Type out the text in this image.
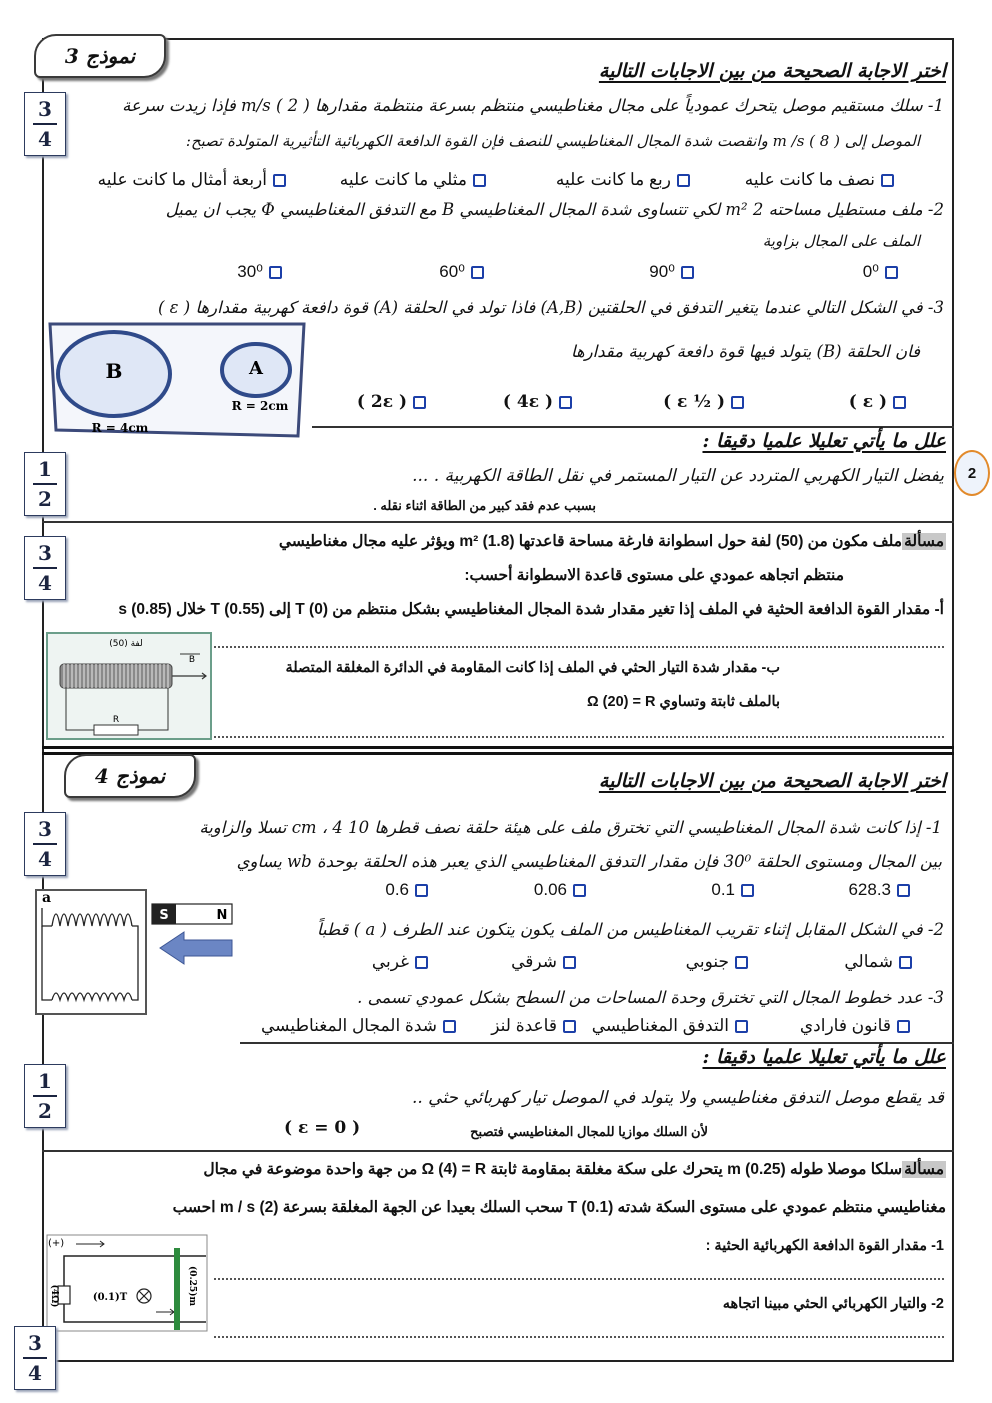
2
نموذج 3
اختر الاجابة الصحيحة من بين الاجابات التالية
3
4
1- سلك مستقيم موصل يتحرك عمودياً على مجال مغناطيسي منتظم بسرعة منتظمة مقدارها m/s ( 2 ) فإذا زيدت سرعة
الموصل إلى m /s ( 8 ) وانقصت شدة المجال المغناطيسي للنصف فإن القوة الدافعة الكهربائية التأثيرية المتولدة تصبح:
نصف ما كانت عليه
ربع ما كانت عليه
مثلي ما كانت عليه
أربعة أمثال ما كانت عليه
2- ملف مستطيل مساحته 2 m² لكي تتساوى شدة المجال المغناطيسي B مع التدفق المغناطيسي Φ يجب ان يميل
الملف على المجال بزاوية
0⁰
90⁰
60⁰
30⁰
3- في الشكل التالي عندما يتغير التدفق في الحلقتين (A,B) فاذا تولد في الحلقة (A) قوة دافعة كهربية مقدارها ( ε )
فان الحلقة (B) يتولد فيها قوة دافعة كهربية مقدارها
B	A
R = 4cm
R = 2cm	( ε )
( ½ ε )
( 4ε )
( 2ε )
علل ما يأتي تعليلا علميا دقيقا :
1
2
يفضل التيار الكهربي المتردد عن التيار المستمر في نقل الطاقة الكهربية . ...
بسبب عدم فقد كبير من الطاقة اثناء نقله .
3
4
مسألةملف مكون من (50) لفة حول اسطوانة فارغة مساحة قاعدتها m² (1.8) ويؤثر عليه مجال مغناطيسي
منتظم اتجاهه عمودي على مستوى قاعدة الاسطوانة أحسب:
أ- مقدار القوة الدافعة الحثية في الملف إذا تغير مقدار شدة المجال المغناطيسي بشكل منتظم من T (0) إلى T (0.55) خلال s (0.85)
(50) لفة
B
R
ب- مقدار شدة التيار الحثي في الملف إذا كانت المقاومة في الدائرة المغلقة المتصلة
بالملف ثابتة وتساوي Ω (20) = R
نموذج 4	اختر الاجابة الصحيحة من بين الاجابات التالية
3
4
1- إذا كانت شدة المجال المغناطيسي التي تخترق ملف على هيئة حلقة نصف قطرها 10 cm ، 4 تسلا والزاوية
بين المجال ومستوى الحلقة 30⁰ فإن مقدار التدفق المغناطيسي الذي يعبر هذه الحلقة بوحدة wb يساوي
628.3
0.1
0.06
0.6
a
S	N
2- في الشكل المقابل إثناء تقريب المغناطيس من الملف يكون يتكون عند الطرف ( a ) قطباً
شمالي
جنوبي
شرقي
غربي
3- عدد خطوط المجال التي تخترق وحدة المساحات من السطح بشكل عمودي تسمى .
قانون فارادي
التدفق المغناطيسي
قاعدة لنز
شدة المجال المغناطيسي
علل ما يأتي تعليلا علميا دقيقا :
1
2
قد يقطع موصل التدفق مغناطيسي ولا يتولد في الموصل تيار كهربائي حثي ..
لأن السلك موازيا للمجال المغناطيسي فتصبح
( ε = 0 )
مسألةسلكا موصلا طوله m (0.25) يتحرك على سكة مغلقة بمقاومة ثابتة Ω (4) = R من جهة واحدة موضوعة في مجال
مغناطيسي منتظم عمودي على مستوى السكة شدته T (0.1) سحب السلك بعيدا عن الجهة المغلقة بسرعة m / s (2) احسب
(+)
(4Ω)	(0.1)T	(0.25)m
1- مقدار القوة الدافعة الكهربائية الحثية :
2- والتيار الكهربائي الحثي مبينا اتجاهه
3
4
